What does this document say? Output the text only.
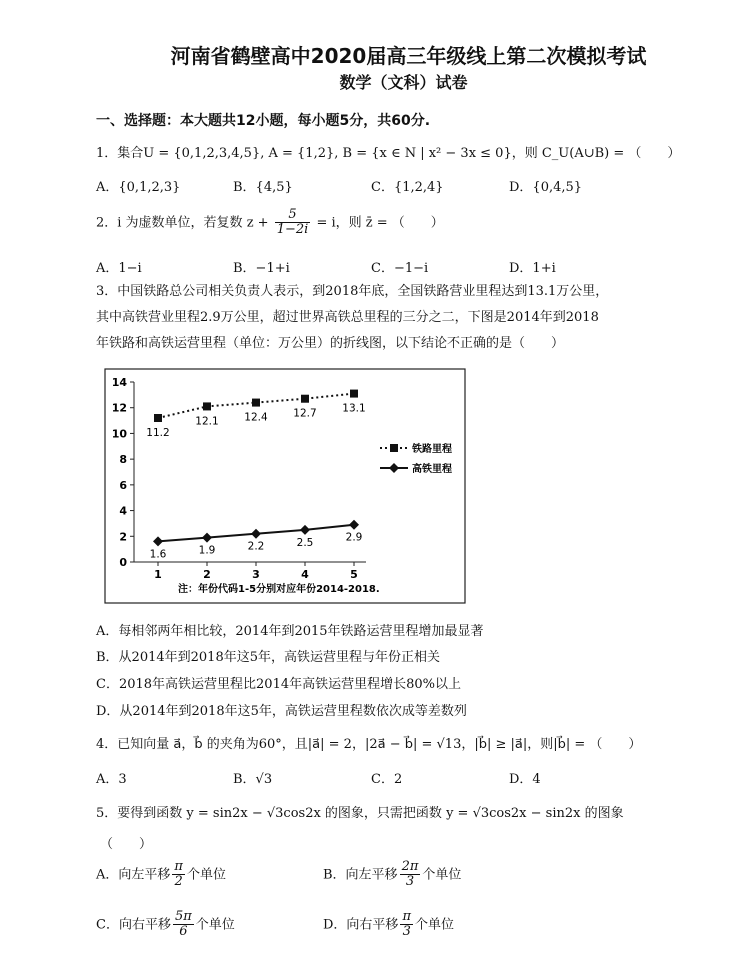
河南省鹤壁高中2020届高三年级线上第二次模拟考试
数学（文科）试卷
一、选择题：本大题共12小题，每小题5分，共60分.
1．集合U = {0,1,2,3,4,5}, A = {1,2}, B = {x ∈ N | x² − 3x ≤ 0}，则 C_U(A∪B) = （　　）
A．{0,1,2,3}	B．{4,5}	C．{1,2,4}	D．{0,4,5}
2．i 为虚数单位，若复数 $z + \frac{5}{1-2i} = i$，则 z̄ = （　　）
A．1−i	B．−1+i	C．−1−i	D．1+i
3．中国铁路总公司相关负责人表示，到2018年底，全国铁路营业里程达到13.1万公里，
其中高铁营业里程2.9万公里，超过世界高铁总里程的三分之二，下图是2014年到2018
年铁路和高铁运营里程（单位：万公里）的折线图，以下结论不正确的是（　　）
0
2
4
6
8
10
12
14
1	2	3	4	5
11.2
12.1 12.4 12.7 13.1
1.6	1.9	2.2	2.5	2.9
铁路里程
高铁里程
注：年份代码1-5分别对应年份2014-2018.
A．每相邻两年相比较，2014年到2015年铁路运营里程增加最显著
B．从2014年到2018年这5年，高铁运营里程与年份正相关
C．2018年高铁运营里程比2014年高铁运营里程增长80%以上
D．从2014年到2018年这5年，高铁运营里程数依次成等差数列
4．已知向量 a⃗，b⃗ 的夹角为60°，且|a⃗| = 2，|2a⃗ − b⃗| = √13，|b⃗| ≥ |a⃗|，则|b⃗| = （　　）
A．3	B．√3	C．2	D．4
5．要得到函数 y = sin2x − √3cos2x 的图象，只需把函数 y = √3cos2x − sin2x 的图象
（　　）
A．向左平移 $\frac{\pi}{2}$ 个单位	B．向左平移 $\frac{2\pi}{3}$ 个单位
C．向右平移 $\frac{5\pi}{6}$ 个单位	D．向右平移 $\frac{\pi}{3}$ 个单位
